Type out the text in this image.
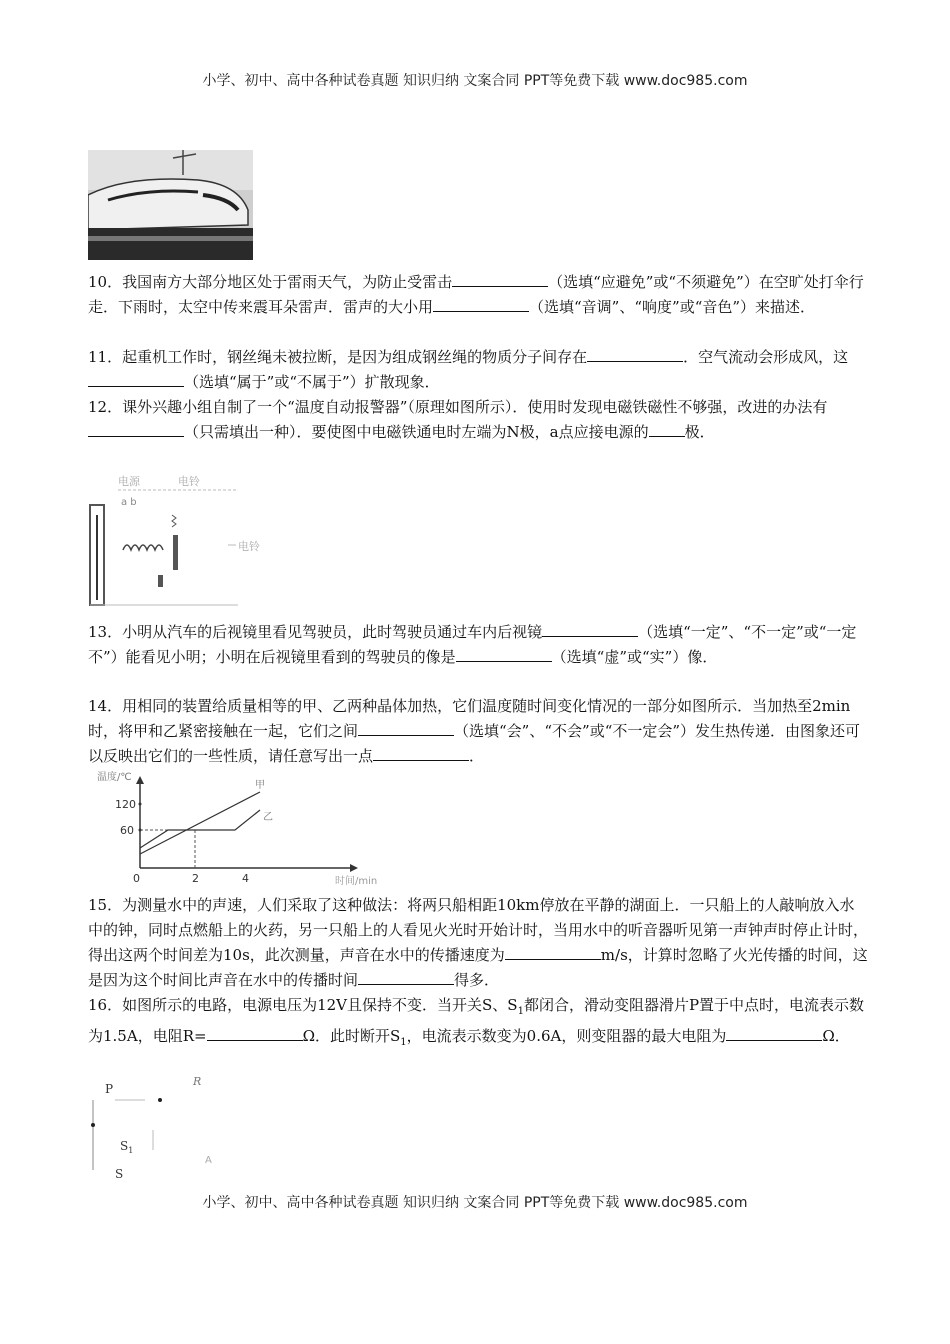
小学、初中、高中各种试卷真题 知识归纳 文案合同 PPT等免费下载 www.doc985.com

10．我国南方大部分地区处于雷雨天气，为防止受雷击	（选填“应避免”或“不须避免”）在空旷处打伞行走．下雨时，太空中传来震耳朵雷声．雷声的大小用	（选填“音调”、“响度”或“音色”）来描述．

11．起重机工作时，钢丝绳未被拉断，是因为组成钢丝绳的物质分子间存在	．空气流动会形成风，这（选填“属于”或“不属于”）扩散现象．

12．课外兴趣小组自制了一个“温度自动报警器”（原理如图所示）．使用时发现电磁铁磁性不够强，改进的办法有（只需填出一种）．要使图中电磁铁通电时左端为N极，a点应接电源的 极．

电源	电铃
a b
电铃

13．小明从汽车的后视镜里看见驾驶员，此时驾驶员通过车内后视镜	（选填“一定”、“不一定”或“一定不”）能看见小明；小明在后视镜里看到的驾驶员的像是	（选填“虚”或“实”）像．

14．用相同的装置给质量相等的甲、乙两种晶体加热，它们温度随时间变化情况的一部分如图所示．当加热至2min时，将甲和乙紧密接触在一起，它们之间	（选填“会”、“不会”或“不一定会”）发生热传递．由图象还可以反映出它们的一些性质，请任意写出一点	．

温度/℃
120
60
0	2	4	时间/min
甲
乙

15．为测量水中的声速，人们采取了这种做法：将两只船相距10km停放在平静的湖面上．一只船上的人敲响放入水中的钟，同时点燃船上的火药，另一只船上的人看见火光时开始计时，当用水中的听音器听见第一声钟声时停止计时，得出这两个时间差为10s，此次测量，声音在水中的传播速度为	m/s，计算时忽略了火光传播的时间，这是因为这个时间比声音在水中的传播时间	得多．

16．如图所示的电路，电源电压为12V且保持不变．当开关S、$S_1$都闭合，滑动变阻器滑片P置于中点时，电流表示数为1.5A，电阻R=	Ω．此时断开$S_1$，电流表示数变为0.6A，则变阻器的最大电阻为	Ω．

P
R
$S_1$
S
A
小学、初中、高中各种试卷真题 知识归纳 文案合同 PPT等免费下载 www.doc985.com
